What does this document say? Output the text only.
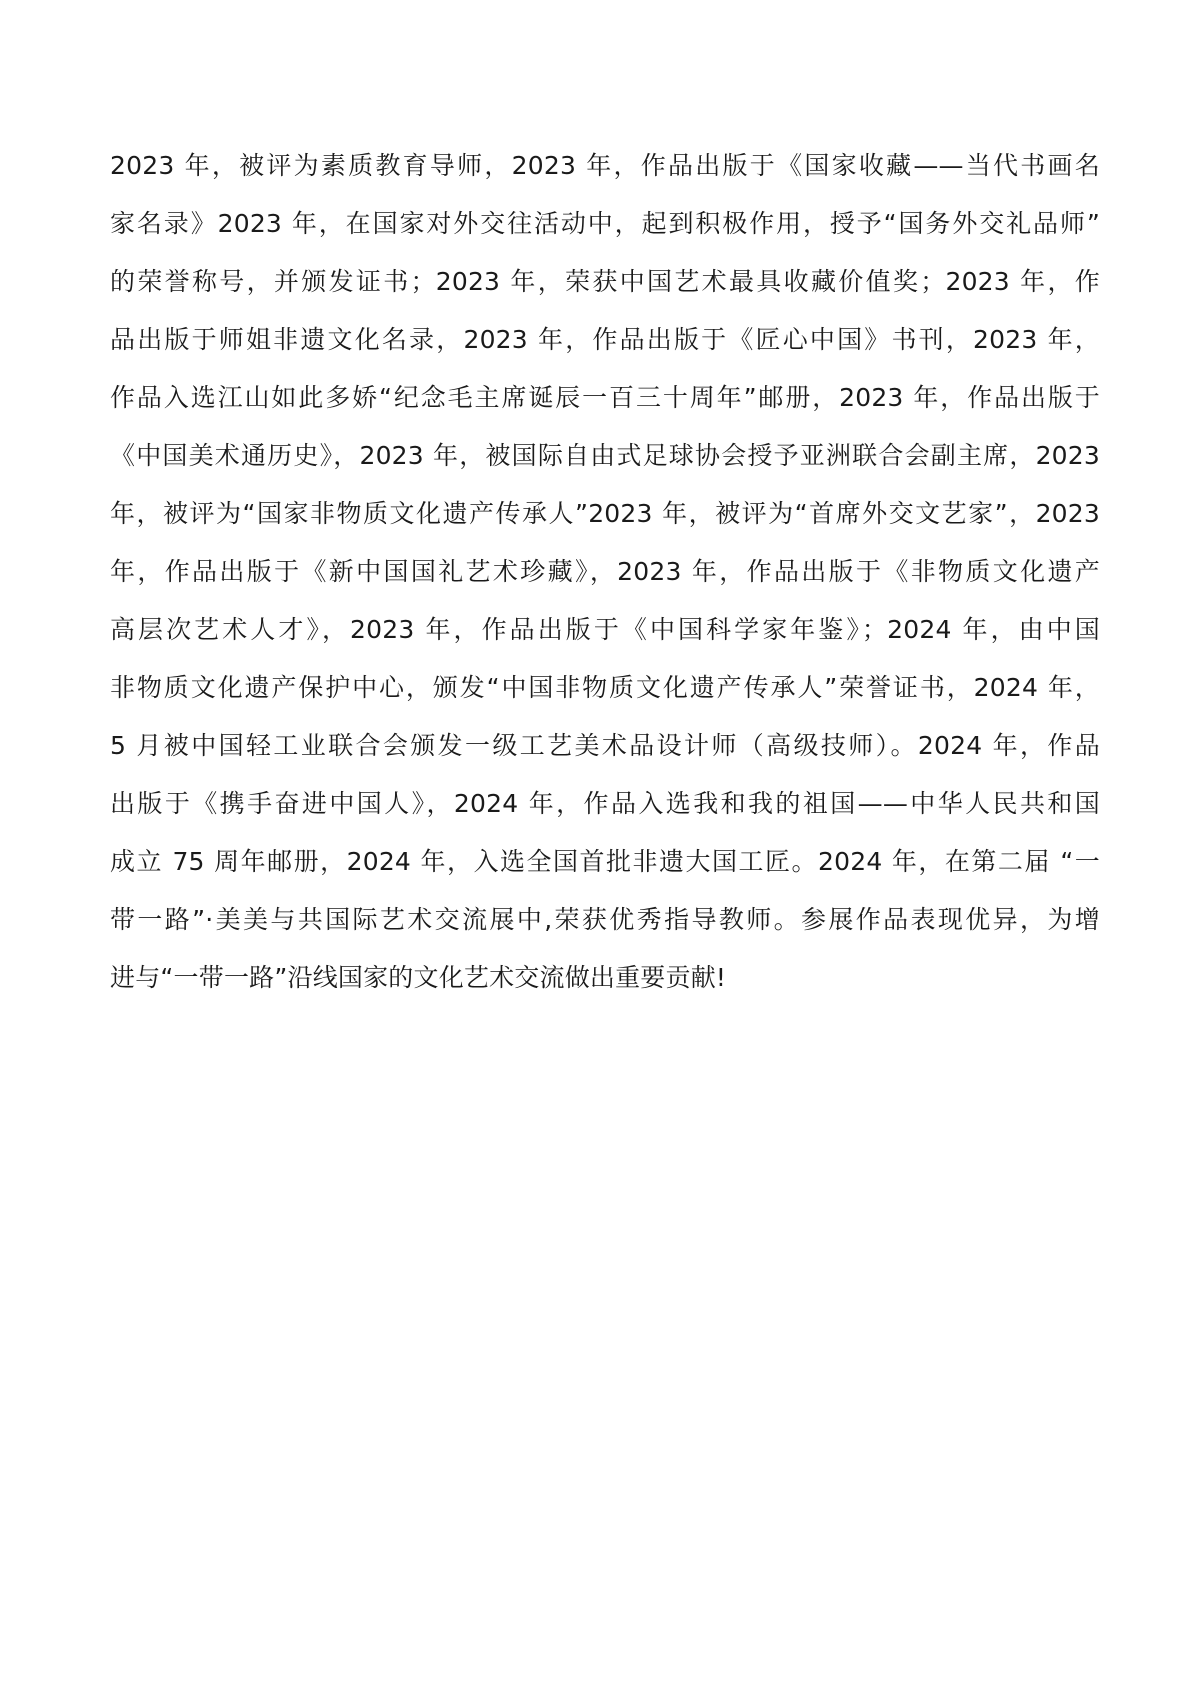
2023 年，被评为素质教育导师，2023 年，作品出版于《国家收藏——当代书画名
家名录》2023 年，在国家对外交往活动中，起到积极作用，授予“国务外交礼品师”
的荣誉称号，并颁发证书；2023 年，荣获中国艺术最具收藏价值奖；2023 年，作
品出版于师姐非遗文化名录，2023 年，作品出版于《匠心中国》书刊，2023 年，
作品入选江山如此多娇“纪念毛主席诞辰一百三十周年”邮册，2023 年，作品出版于
《中国美术通历史》，2023 年，被国际自由式足球协会授予亚洲联合会副主席，2023
年，被评为“国家非物质文化遗产传承人”2023 年，被评为“首席外交文艺家”，2023
年，作品出版于《新中国国礼艺术珍藏》，2023 年，作品出版于《非物质文化遗产
高层次艺术人才》，2023 年，作品出版于《中国科学家年鉴》；2024 年，由中国
非物质文化遗产保护中心，颁发“中国非物质文化遗产传承人”荣誉证书，2024 年，
5 月被中国轻工业联合会颁发一级工艺美术品设计师（高级技师）。2024 年，作品
出版于《携手奋进中国人》，2024 年，作品入选我和我的祖国——中华人民共和国
成立 75 周年邮册，2024 年，入选全国首批非遗大国工匠。2024 年，在第二届 “一
带一路”·美美与共国际艺术交流展中,荣获优秀指导教师。参展作品表现优异，为增
进与“一带一路”沿线国家的文化艺术交流做出重要贡献!
